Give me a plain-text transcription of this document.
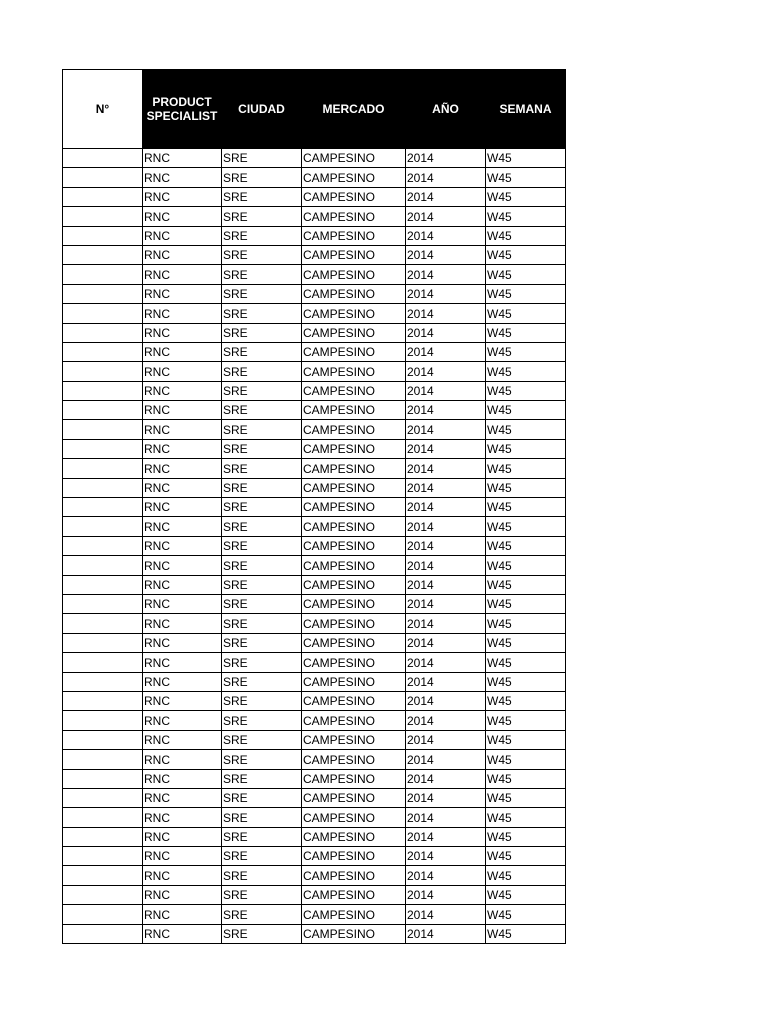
N°	PRODUCT SPECIALIST	CIUDAD	MERCADO	AÑO	SEMANA
	RNC	SRE	CAMPESINO	2014	W45
	RNC	SRE	CAMPESINO	2014	W45
	RNC	SRE	CAMPESINO	2014	W45
	RNC	SRE	CAMPESINO	2014	W45
	RNC	SRE	CAMPESINO	2014	W45
	RNC	SRE	CAMPESINO	2014	W45
	RNC	SRE	CAMPESINO	2014	W45
	RNC	SRE	CAMPESINO	2014	W45
	RNC	SRE	CAMPESINO	2014	W45
	RNC	SRE	CAMPESINO	2014	W45
	RNC	SRE	CAMPESINO	2014	W45
	RNC	SRE	CAMPESINO	2014	W45
	RNC	SRE	CAMPESINO	2014	W45
	RNC	SRE	CAMPESINO	2014	W45
	RNC	SRE	CAMPESINO	2014	W45
	RNC	SRE	CAMPESINO	2014	W45
	RNC	SRE	CAMPESINO	2014	W45
	RNC	SRE	CAMPESINO	2014	W45
	RNC	SRE	CAMPESINO	2014	W45
	RNC	SRE	CAMPESINO	2014	W45
	RNC	SRE	CAMPESINO	2014	W45
	RNC	SRE	CAMPESINO	2014	W45
	RNC	SRE	CAMPESINO	2014	W45
	RNC	SRE	CAMPESINO	2014	W45
	RNC	SRE	CAMPESINO	2014	W45
	RNC	SRE	CAMPESINO	2014	W45
	RNC	SRE	CAMPESINO	2014	W45
	RNC	SRE	CAMPESINO	2014	W45
	RNC	SRE	CAMPESINO	2014	W45
	RNC	SRE	CAMPESINO	2014	W45
	RNC	SRE	CAMPESINO	2014	W45
	RNC	SRE	CAMPESINO	2014	W45
	RNC	SRE	CAMPESINO	2014	W45
	RNC	SRE	CAMPESINO	2014	W45
	RNC	SRE	CAMPESINO	2014	W45
	RNC	SRE	CAMPESINO	2014	W45
	RNC	SRE	CAMPESINO	2014	W45
	RNC	SRE	CAMPESINO	2014	W45
	RNC	SRE	CAMPESINO	2014	W45
	RNC	SRE	CAMPESINO	2014	W45
	RNC	SRE	CAMPESINO	2014	W45
